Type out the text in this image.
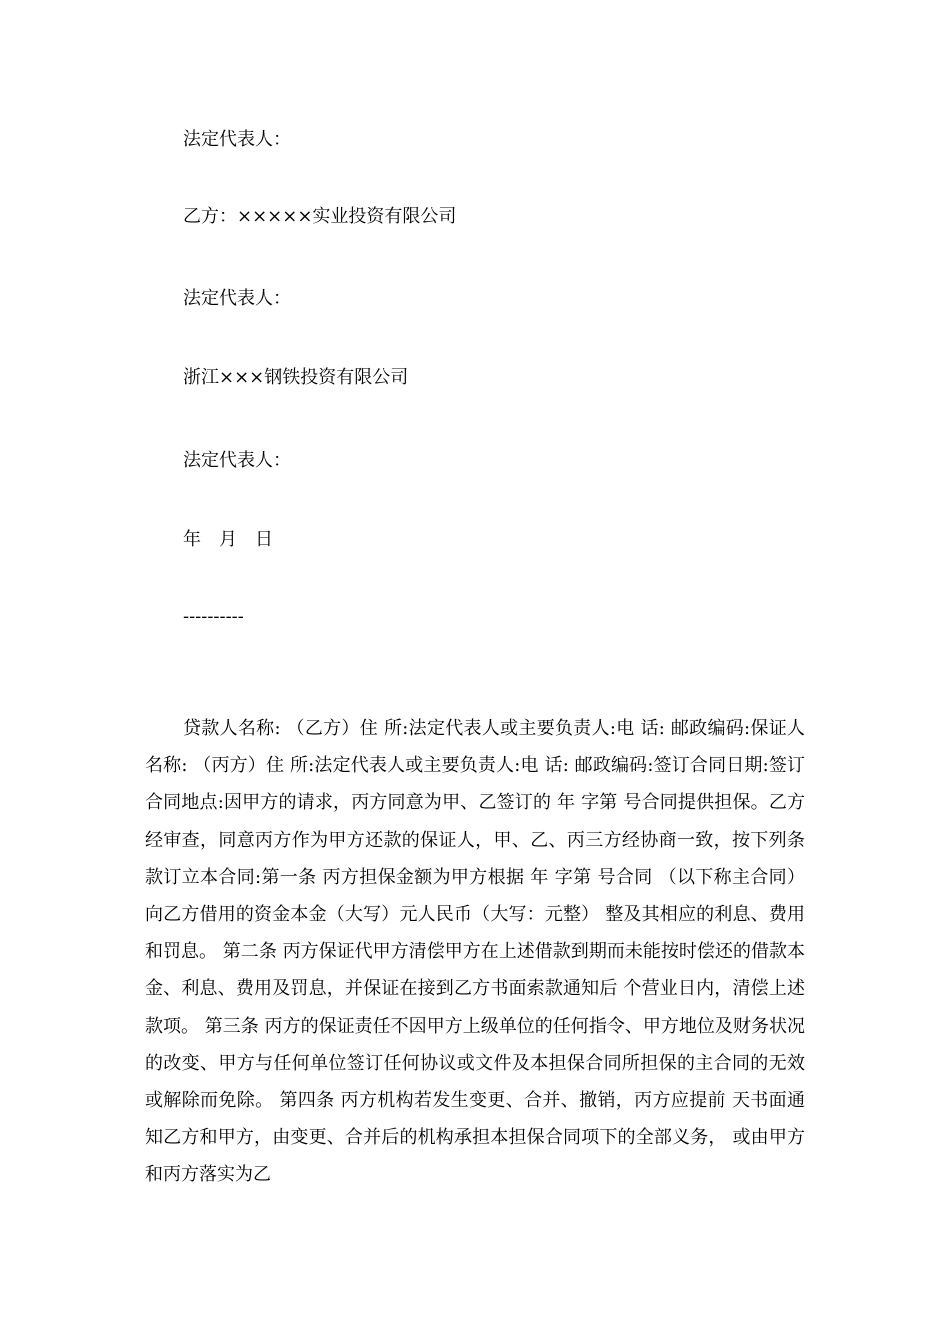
法定代表人：

乙方：×××××实业投资有限公司

法定代表人：

浙江×××钢铁投资有限公司

法定代表人：

年　月　日

----------

贷款人名称: （乙方）住 所:法定代表人或主要负责人:电 话: 邮政编码:保证人名称: （丙方）住 所:法定代表人或主要负责人:电 话: 邮政编码:签订合同日期:签订合同地点:因甲方的请求，丙方同意为甲、乙签订的 年 字第 号合同提供担保。乙方经审查，同意丙方作为甲方还款的保证人，甲、乙、丙三方经协商一致，按下列条款订立本合同:第一条 丙方担保金额为甲方根据 年 字第 号合同 （以下称主合同）向乙方借用的资金本金（大写）元人民币（大写：元整） 整及其相应的利息、费用和罚息。 第二条 丙方保证代甲方清偿甲方在上述借款到期而未能按时偿还的借款本金、利息、费用及罚息，并保证在接到乙方书面索款通知后 个营业日内，清偿上述款项。 第三条 丙方的保证责任不因甲方上级单位的任何指令、甲方地位及财务状况的改变、甲方与任何单位签订任何协议或文件及本担保合同所担保的主合同的无效或解除而免除。 第四条 丙方机构若发生变更、合并、撤销，丙方应提前 天书面通知乙方和甲方，由变更、合并后的机构承担本担保合同项下的全部义务， 或由甲方和丙方落实为乙
